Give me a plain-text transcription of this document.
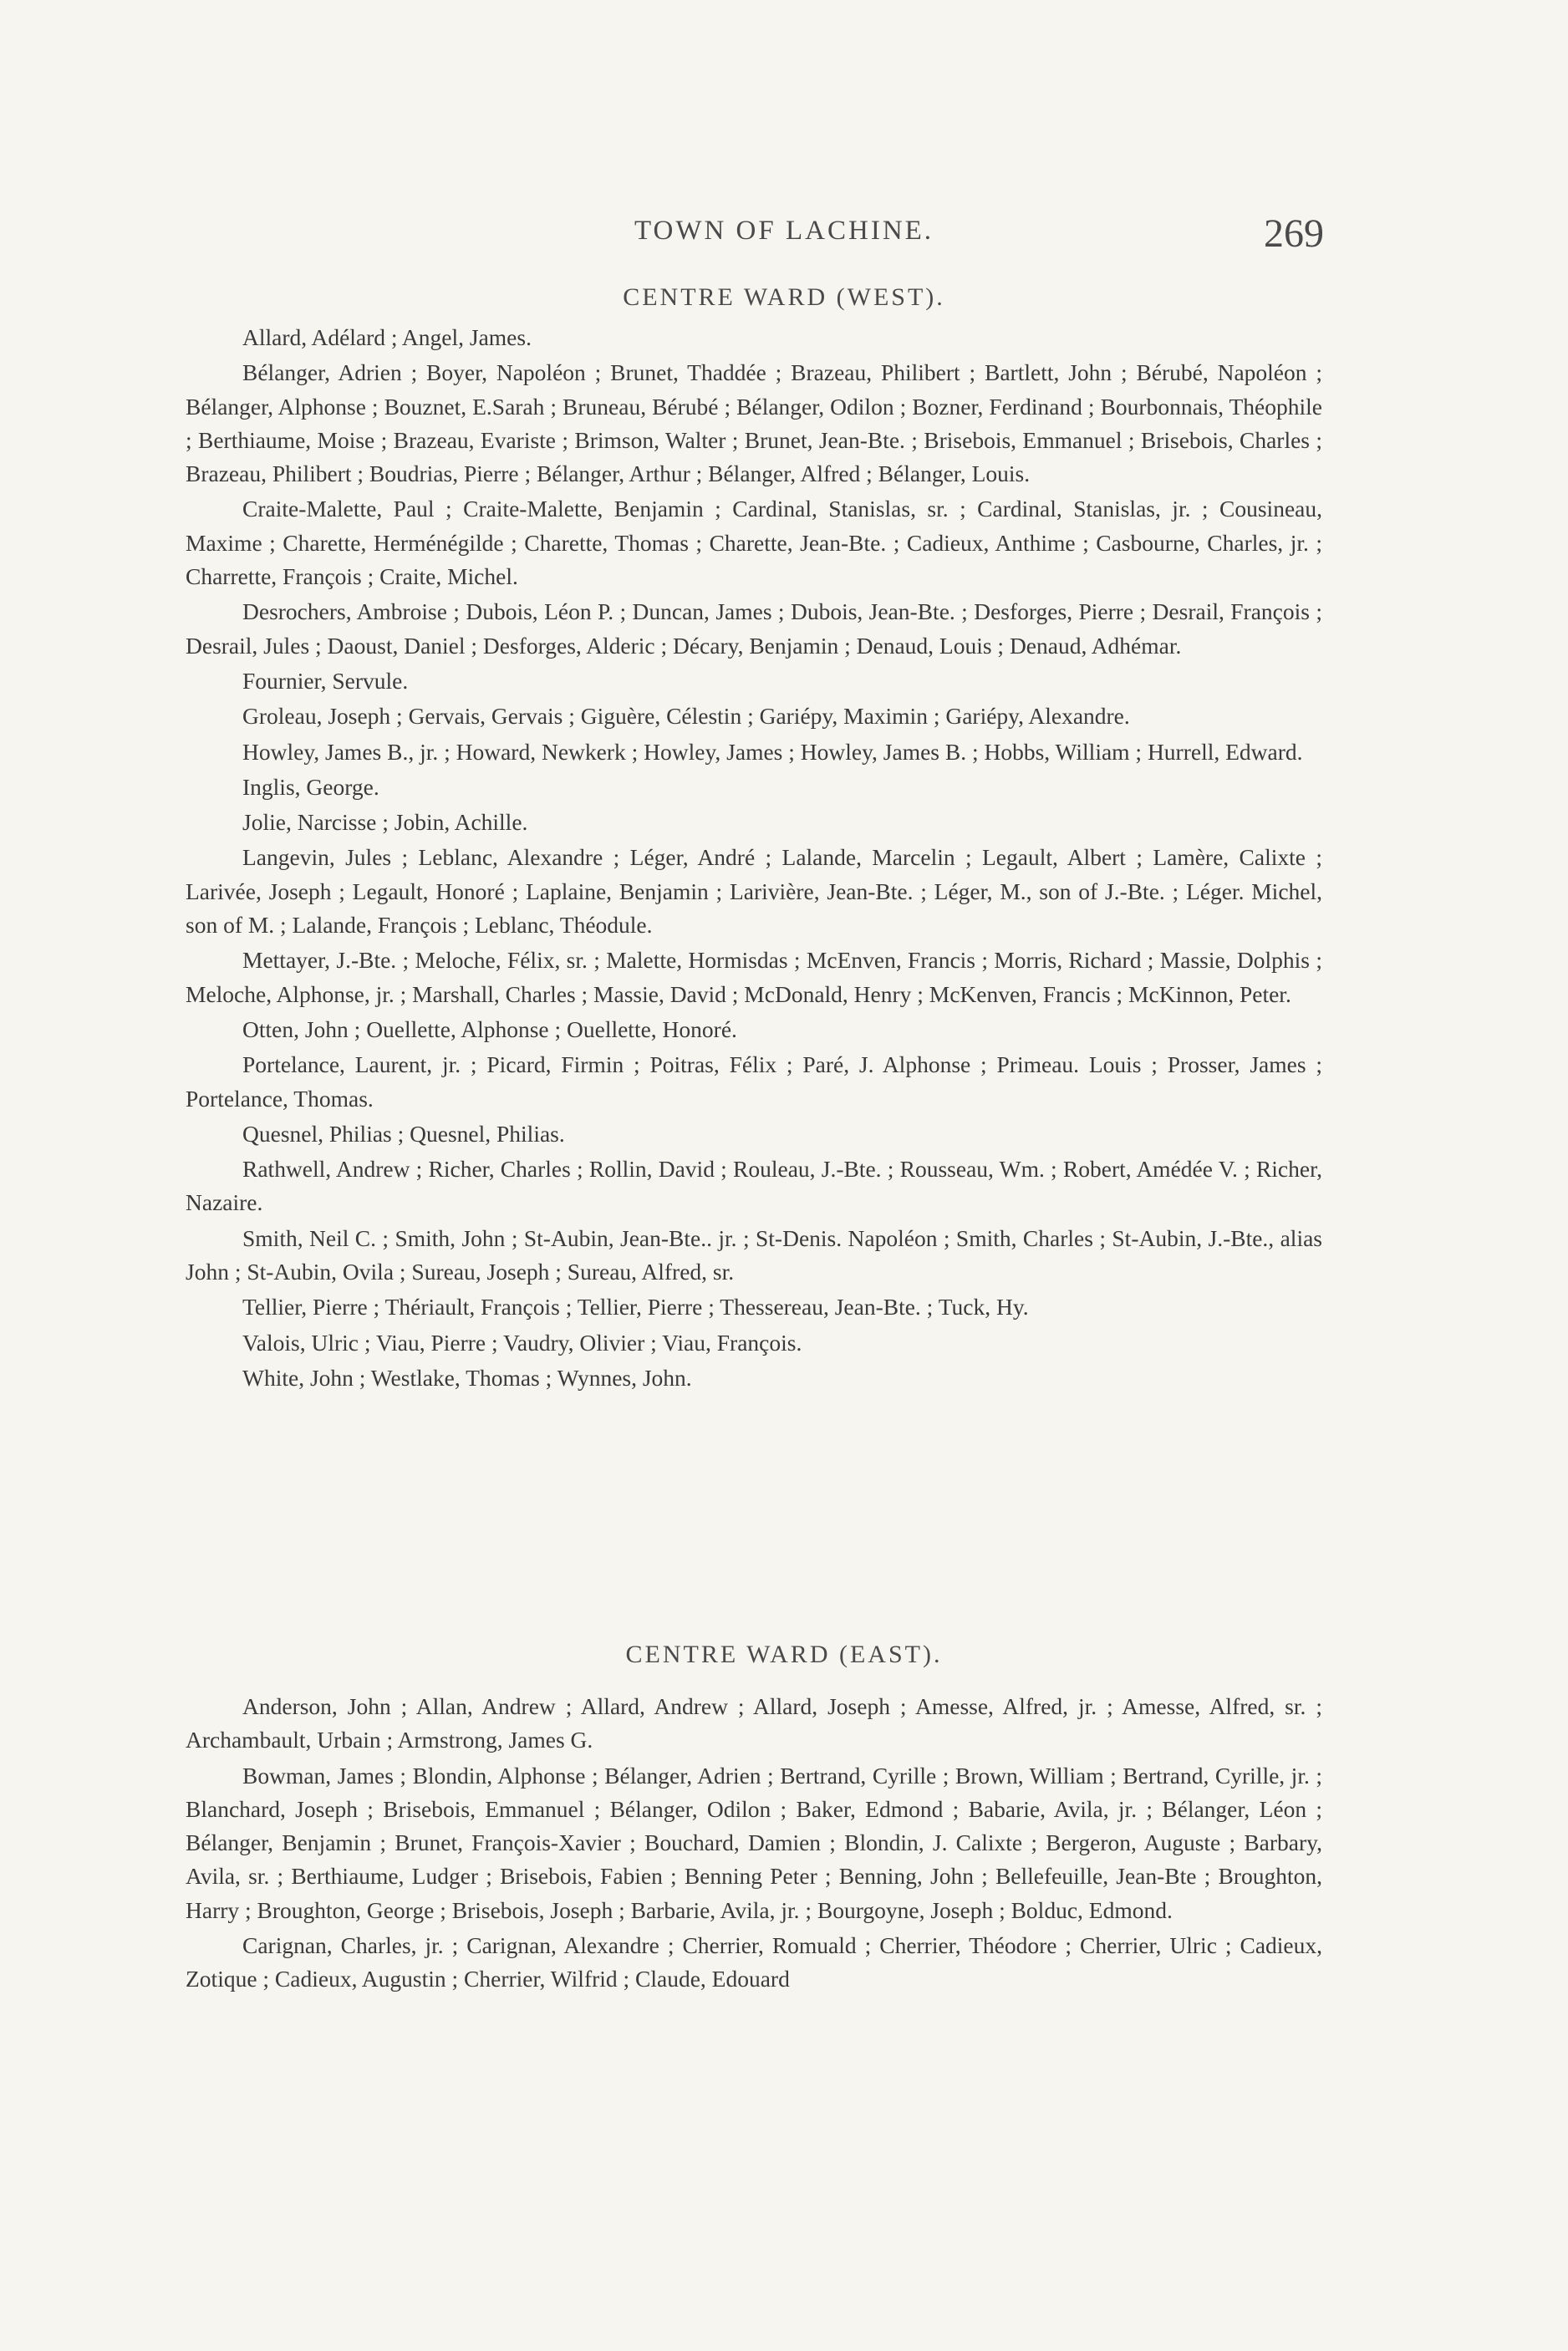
TOWN OF LACHINE.	269
CENTRE WARD (WEST).

Allard, Adélard ; Angel, James.

Bélanger, Adrien ; Boyer, Napoléon ; Brunet, Thaddée ; Brazeau, Philibert ; Bartlett, John ; Bérubé, Napoléon ; Bélanger, Alphonse ; Bouznet, E.Sarah ; Bruneau, Bérubé ; Bélanger, Odilon ; Bozner, Ferdinand ; Bourbonnais, Théophile ; Berthiaume, Moise ; Brazeau, Evariste ; Brimson, Walter ; Brunet, Jean-Bte. ; Brisebois, Emmanuel ; Brisebois, Charles ; Brazeau, Philibert ; Boudrias, Pierre ; Bélanger, Arthur ; Bélanger, Alfred ; Bélanger, Louis.

Craite-Malette, Paul ; Craite-Malette, Benjamin ; Cardinal, Stanislas, sr. ; Cardinal, Stanislas, jr. ; Cousineau, Maxime ; Charette, Herménégilde ; Charette, Thomas ; Charette, Jean-Bte. ; Cadieux, Anthime ; Casbourne, Charles, jr. ; Charrette, François ; Craite, Michel.

Desrochers, Ambroise ; Dubois, Léon P. ; Duncan, James ; Dubois, Jean-Bte. ; Desforges, Pierre ; Desrail, François ; Desrail, Jules ; Daoust, Daniel ; Desforges, Alderic ; Décary, Benjamin ; Denaud, Louis ; Denaud, Adhémar.

Fournier, Servule.

Groleau, Joseph ; Gervais, Gervais ; Giguère, Célestin ; Gariépy, Maximin ; Gariépy, Alexandre.

Howley, James B., jr. ; Howard, Newkerk ; Howley, James ; Howley, James B. ; Hobbs, William ; Hurrell, Edward.

Inglis, George.

Jolie, Narcisse ; Jobin, Achille.

Langevin, Jules ; Leblanc, Alexandre ; Léger, André ; Lalande, Marcelin ; Legault, Albert ; Lamère, Calixte ; Larivée, Joseph ; Legault, Honoré ; Laplaine, Benjamin ; Larivière, Jean-Bte. ; Léger, M., son of J.-Bte. ; Léger. Michel, son of M. ; Lalande, François ; Leblanc, Théodule.

Mettayer, J.-Bte. ; Meloche, Félix, sr. ; Malette, Hormisdas ; McEnven, Francis ; Morris, Richard ; Massie, Dolphis ; Meloche, Alphonse, jr. ; Marshall, Charles ; Massie, David ; McDonald, Henry ; McKenven, Francis ; McKinnon, Peter.

Otten, John ; Ouellette, Alphonse ; Ouellette, Honoré.

Portelance, Laurent, jr. ; Picard, Firmin ; Poitras, Félix ; Paré, J. Alphonse ; Primeau. Louis ; Prosser, James ; Portelance, Thomas.

Quesnel, Philias ; Quesnel, Philias.

Rathwell, Andrew ; Richer, Charles ; Rollin, David ; Rouleau, J.-Bte. ; Rousseau, Wm. ; Robert, Amédée V. ; Richer, Nazaire.

Smith, Neil C. ; Smith, John ; St-Aubin, Jean-Bte.. jr. ; St-Denis. Napoléon ; Smith, Charles ; St-Aubin, J.-Bte., alias John ; St-Aubin, Ovila ; Sureau, Joseph ; Sureau, Alfred, sr.

Tellier, Pierre ; Thériault, François ; Tellier, Pierre ; Thessereau, Jean-Bte. ; Tuck, Hy.

Valois, Ulric ; Viau, Pierre ; Vaudry, Olivier ; Viau, François.

White, John ; Westlake, Thomas ; Wynnes, John.

CENTRE WARD (EAST).

Anderson, John ; Allan, Andrew ; Allard, Andrew ; Allard, Joseph ; Amesse, Alfred, jr. ; Amesse, Alfred, sr. ; Archambault, Urbain ; Armstrong, James G.

Bowman, James ; Blondin, Alphonse ; Bélanger, Adrien ; Bertrand, Cyrille ; Brown, William ; Bertrand, Cyrille, jr. ; Blanchard, Joseph ; Brisebois, Emmanuel ; Bélanger, Odilon ; Baker, Edmond ; Babarie, Avila, jr. ; Bélanger, Léon ; Bélanger, Benjamin ; Brunet, François-Xavier ; Bouchard, Damien ; Blondin, J. Calixte ; Bergeron, Auguste ; Barbary, Avila, sr. ; Berthiaume, Ludger ; Brisebois, Fabien ; Benning Peter ; Benning, John ; Bellefeuille, Jean-Bte ; Broughton, Harry ; Broughton, George ; Brisebois, Joseph ; Barbarie, Avila, jr. ; Bourgoyne, Joseph ; Bolduc, Edmond.

Carignan, Charles, jr. ; Carignan, Alexandre ; Cherrier, Romuald ; Cherrier, Théodore ; Cherrier, Ulric ; Cadieux, Zotique ; Cadieux, Augustin ; Cherrier, Wilfrid ; Claude, Edouard
